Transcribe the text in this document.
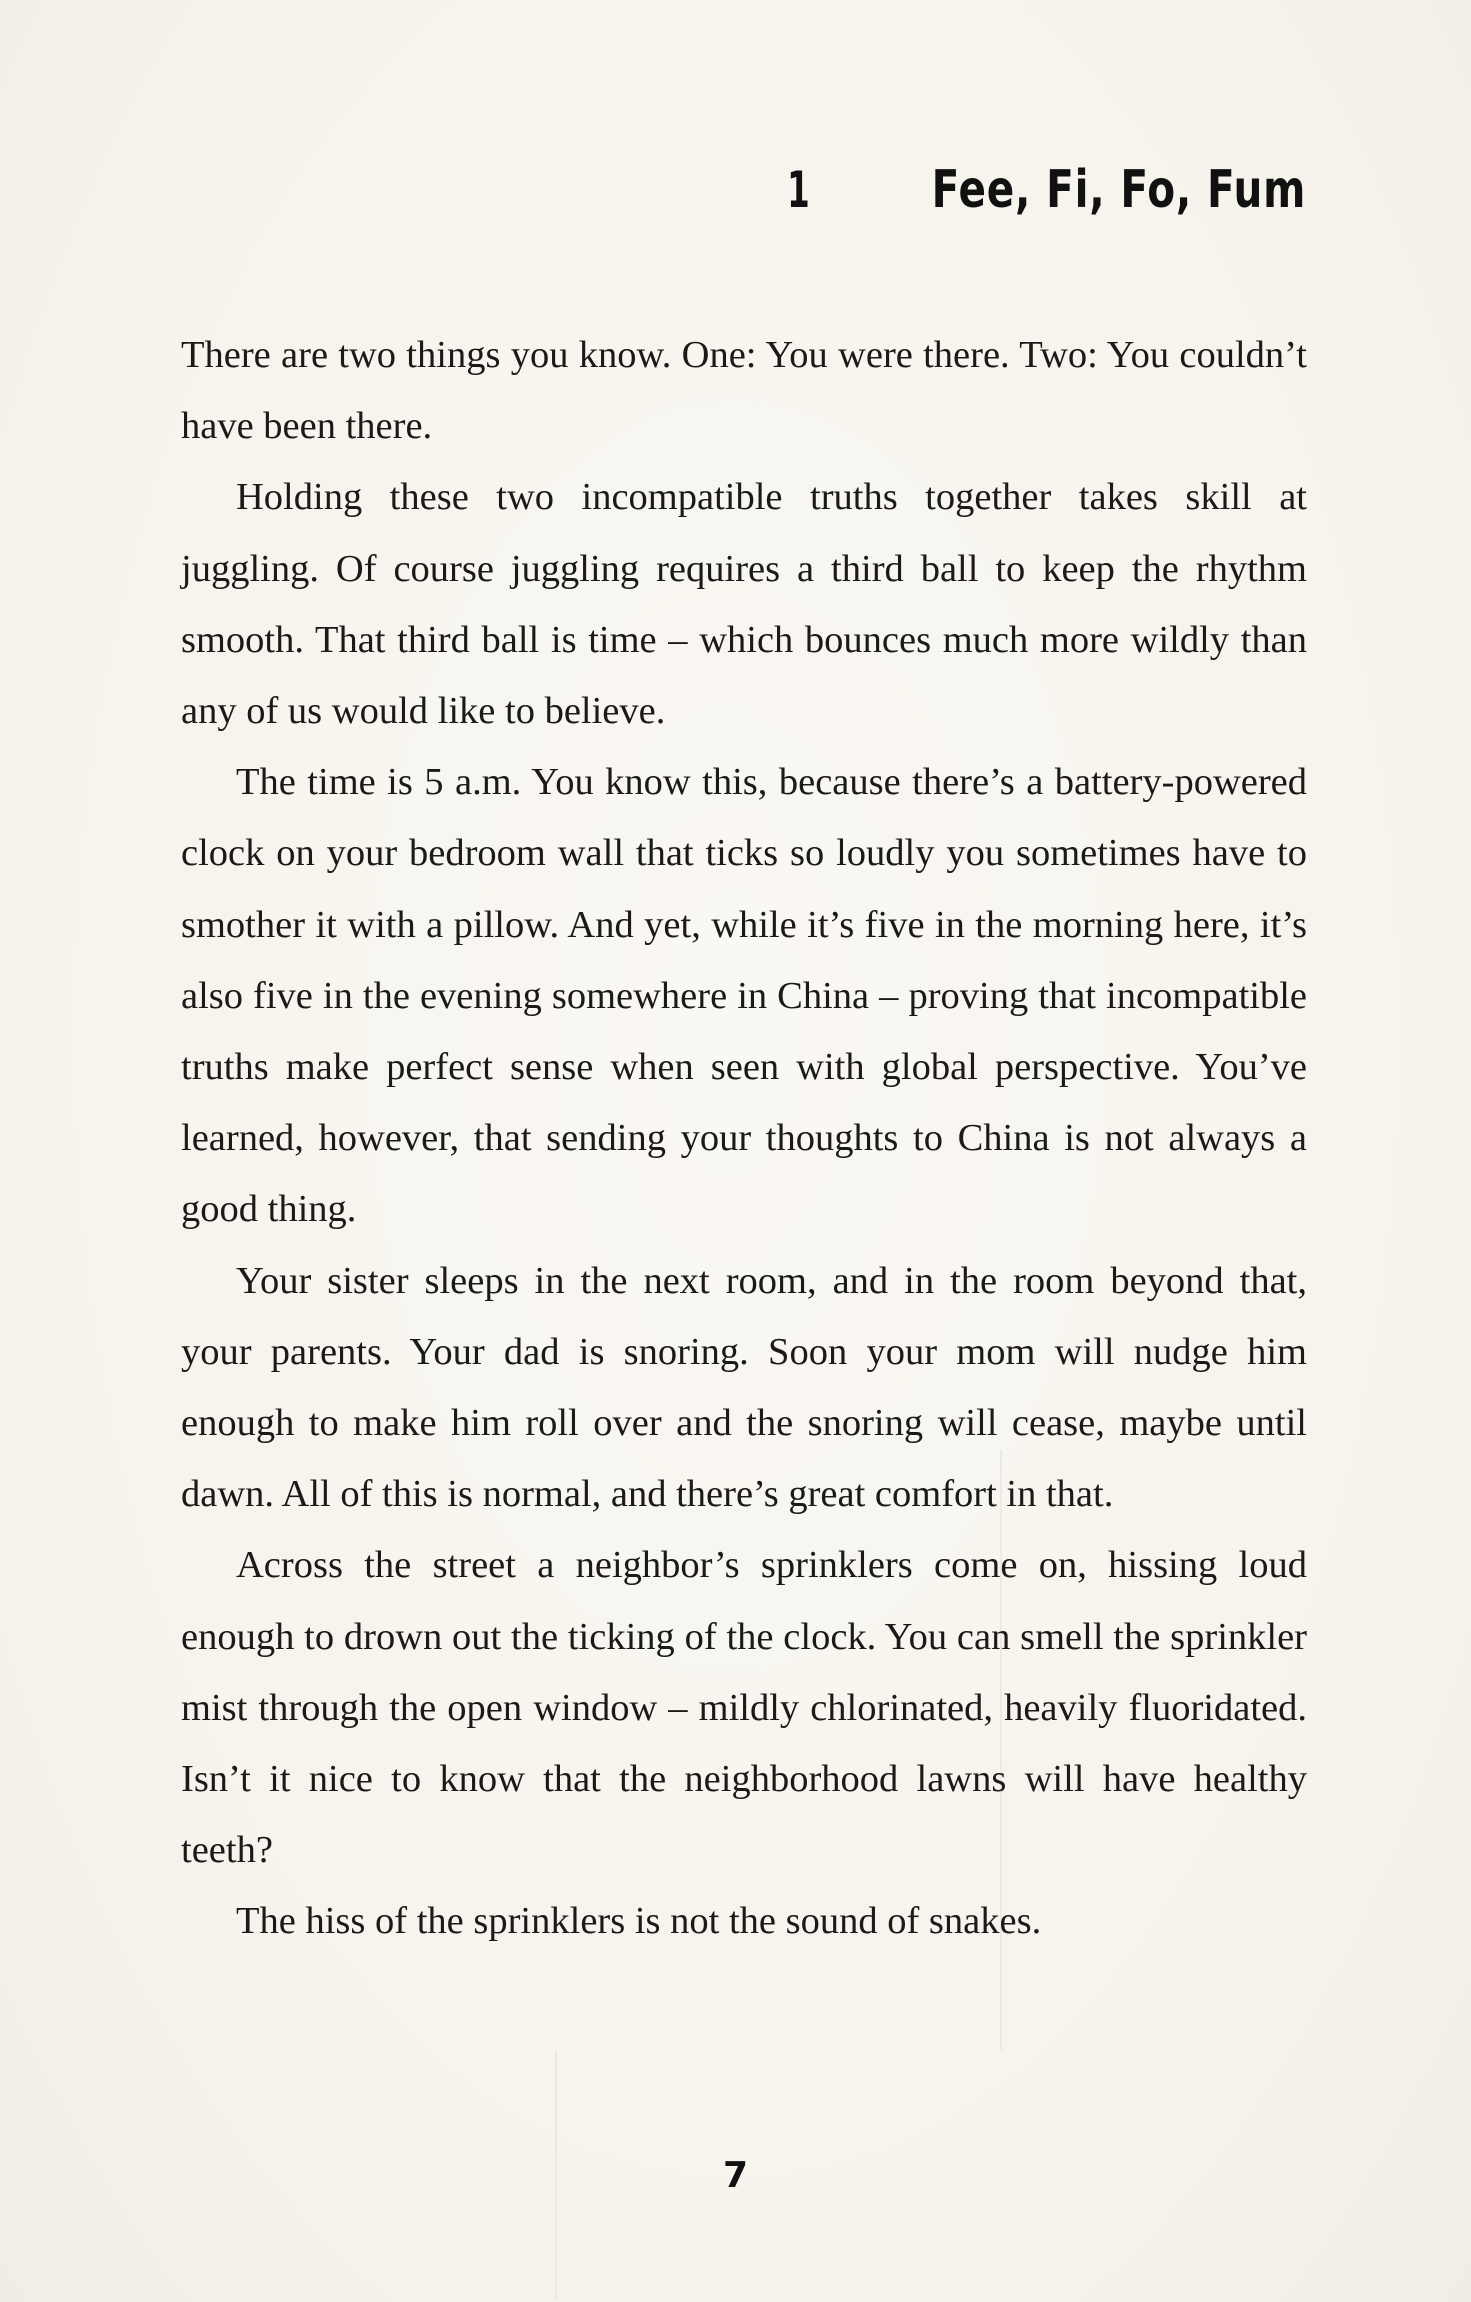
1 Fee, Fi, Fo, Fum

There are two things you know. One: You were there. Two: You couldn’t have been there.

Holding these two incompatible truths together takes skill at juggling. Of course juggling requires a third ball to keep the rhythm smooth. That third ball is time – which bounces much more wildly than any of us would like to believe.

The time is 5 a.m. You know this, because there’s a battery-powered clock on your bedroom wall that ticks so loudly you sometimes have to smother it with a pillow. And yet, while it’s five in the morning here, it’s also five in the evening somewhere in China – proving that incompatible truths make perfect sense when seen with global perspective. You’ve learned, however, that sending your thoughts to China is not always a good thing.

Your sister sleeps in the next room, and in the room beyond that, your parents. Your dad is snoring. Soon your mom will nudge him enough to make him roll over and the snoring will cease, maybe until dawn. All of this is normal, and there’s great comfort in that.

Across the street a neighbor’s sprinklers come on, hissing loud enough to drown out the ticking of the clock. You can smell the sprinkler mist through the open window – mildly chlorinated, heavily fluoridated. Isn’t it nice to know that the neighborhood lawns will have healthy teeth?

The hiss of the sprinklers is not the sound of snakes.

7
